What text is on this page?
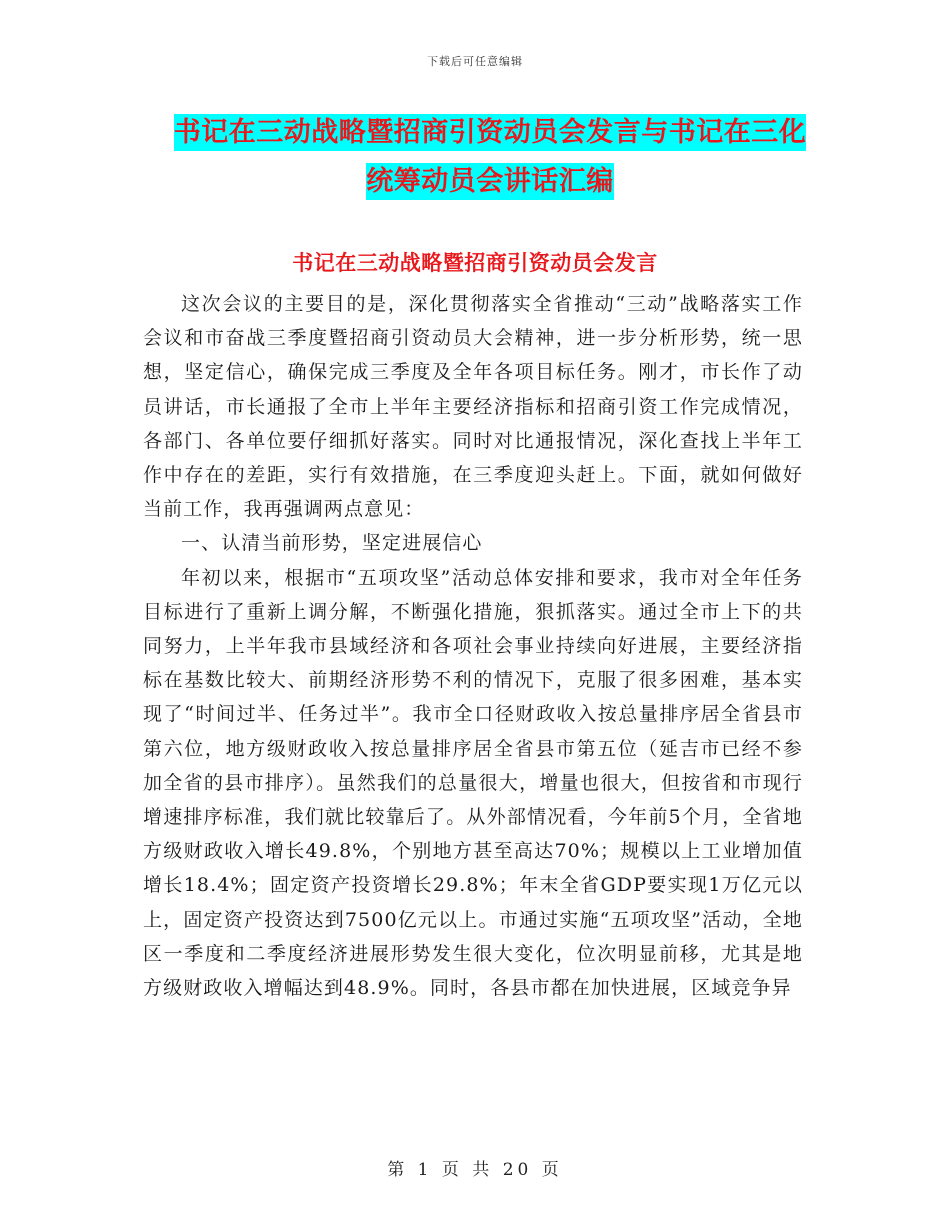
下载后可任意编辑
书记在三动战略暨招商引资动员会发言与书记在三化
统筹动员会讲话汇编
书记在三动战略暨招商引资动员会发言

这次会议的主要目的是，深化贯彻落实全省推动“三动”战略落实工作会议和市奋战三季度暨招商引资动员大会精神，进一步分析形势，统一思想，坚定信心，确保完成三季度及全年各项目标任务。刚才，市长作了动员讲话，市长通报了全市上半年主要经济指标和招商引资工作完成情况，各部门、各单位要仔细抓好落实。同时对比通报情况，深化查找上半年工作中存在的差距，实行有效措施，在三季度迎头赶上。下面，就如何做好当前工作，我再强调两点意见：

一、认清当前形势，坚定进展信心

年初以来，根据市“五项攻坚”活动总体安排和要求，我市对全年任务目标进行了重新上调分解，不断强化措施，狠抓落实。通过全市上下的共同努力，上半年我市县域经济和各项社会事业持续向好进展，主要经济指标在基数比较大、前期经济形势不利的情况下，克服了很多困难，基本实现了“时间过半、任务过半”。我市全口径财政收入按总量排序居全省县市第六位，地方级财政收入按总量排序居全省县市第五位（延吉市已经不参加全省的县市排序）。虽然我们的总量很大，增量也很大，但按省和市现行增速排序标准，我们就比较靠后了。从外部情况看，今年前5个月，全省地方级财政收入增长49.8%，个别地方甚至高达70%；规模以上工业增加值增长18.4%；固定资产投资增长29.8%；年末全省GDP要实现1万亿元以上，固定资产投资达到7500亿元以上。市通过实施“五项攻坚”活动，全地区一季度和二季度经济进展形势发生很大变化，位次明显前移，尤其是地方级财政收入增幅达到48.9%。同时，各县市都在加快进展，区域竞争异

第 1 页 共 20 页
